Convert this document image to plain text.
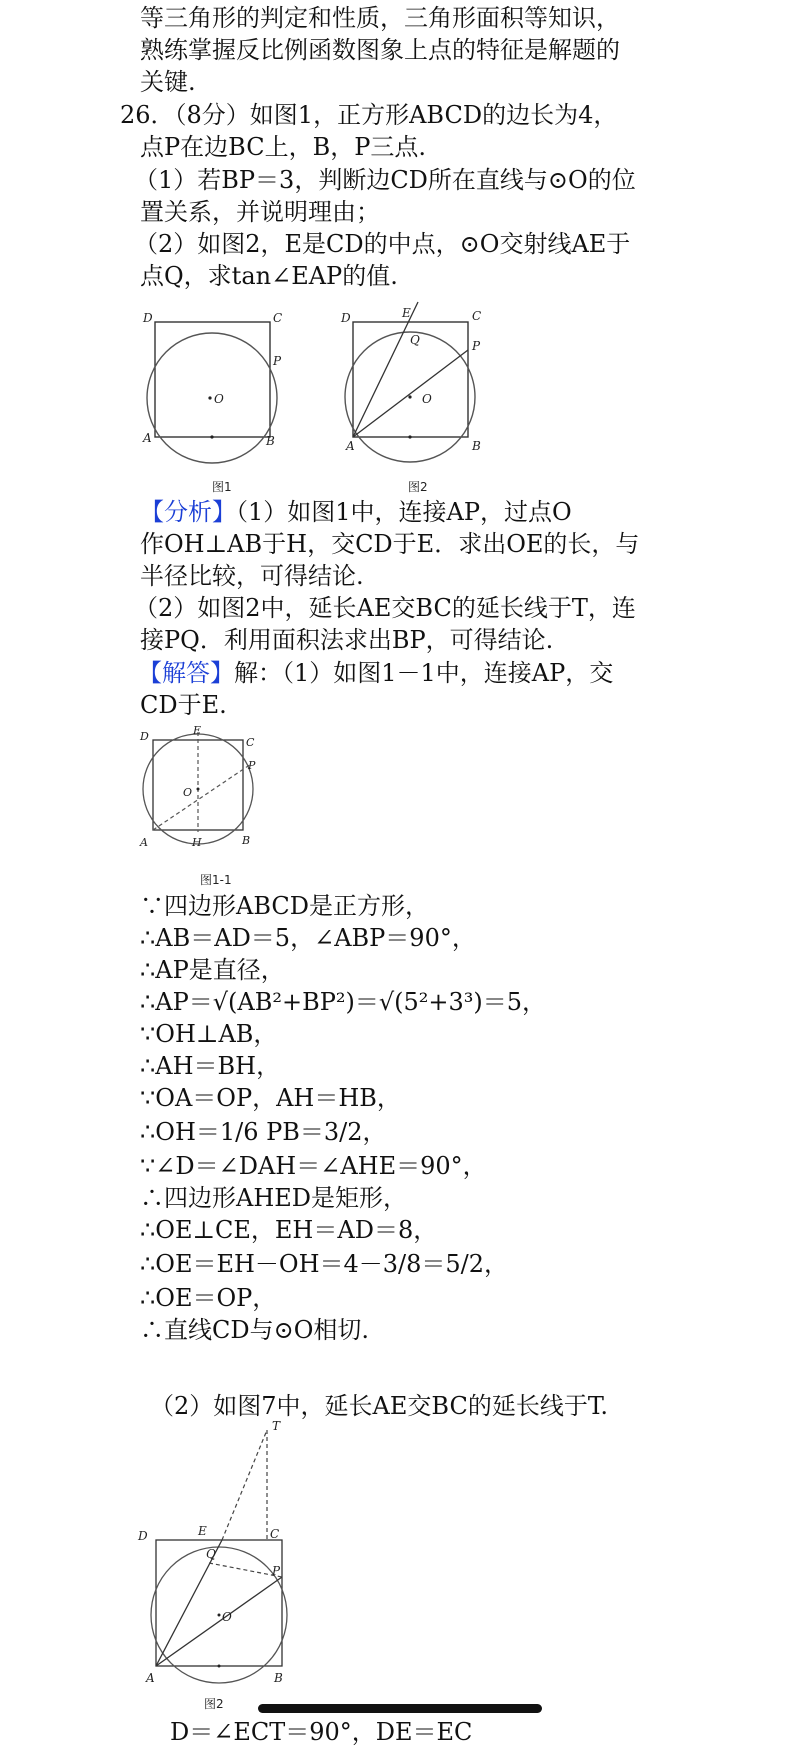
等三角形的判定和性质，三角形面积等知识，
熟练掌握反比例函数图象上点的特征是解题的
关键.
26．（8分）如图1，正方形ABCD的边长为4，
点P在边BC上，B，P三点.
（1）若BP＝3，判断边CD所在直线与⊙O的位
置关系，并说明理由；
（2）如图2，E是CD的中点，⊙O交射线AE于
点Q，求tan∠EAP的值.
D	C
P
O
A	B
图1
D	E	C
Q	P
O
A	B
图2
【分析】（1）如图1中，连接AP，过点O
作OH⊥AB于H，交CD于E．求出OE的长，与
半径比较，可得结论.
（2）如图2中，延长AE交BC的延长线于T，连
接PQ．利用面积法求出BP，可得结论.
【解答】解：（1）如图1－1中，连接AP，交
CD于E.
D	E
C
P
O
A	H	B
图1-1
∵四边形ABCD是正方形，
∴AB＝AD＝5，∠ABP＝90°，
∴AP是直径，
∴AP＝√(AB²+BP²)＝√(5²+3³)＝5，
∵OH⊥AB，
∴AH＝BH，
∵OA＝OP，AH＝HB，
∴OH＝1/6 PB＝3/2，
∵∠D＝∠DAH＝∠AHE＝90°，
∴四边形AHED是矩形，
∴OE⊥CE，EH＝AD＝8，
∴OE＝EH－OH＝4－3/8＝5/2，
∴OE＝OP，
∴直线CD与⊙O相切.
（2）如图7中，延长AE交BC的延长线于T.
T
D	E	C
Q
P
O
A	B
图2
D＝∠ECT＝90°，DE＝EC
